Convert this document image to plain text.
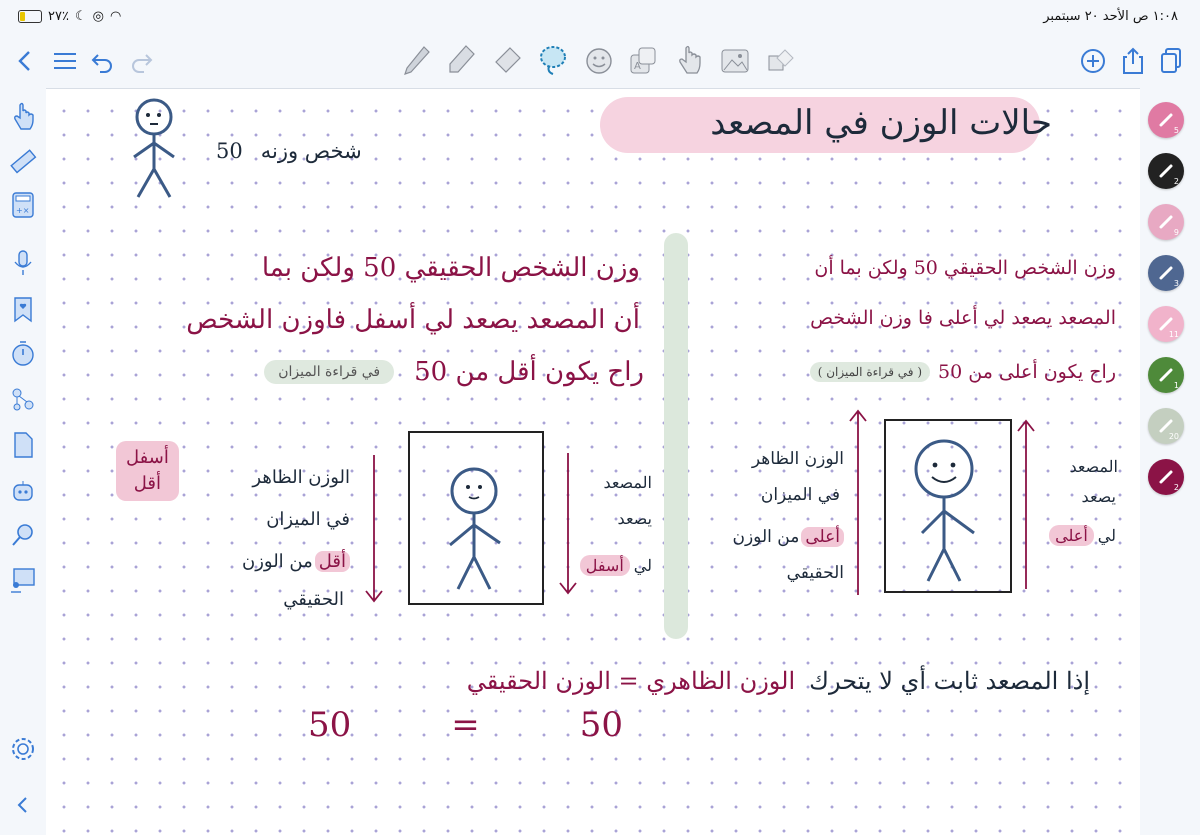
٢٧٪ ☾ ◎ ◠	١:٠٨ ص الأحد ٢٠ سبتمبر
A
+×
حالات الوزن في المصعد
50 شخص وزنه
وزن الشخص الحقيقي 50 ولكن بما أن
المصعد يصعد لي أعلى فا وزن الشخص
راح يكون أعلى من 50
( في قراءة الميزان )
المصعد
يصعد
لي
أعلى
الوزن الظاهر
في الميزان
أعلى
من الوزن
الحقيقي
وزن الشخص الحقيقي 50 ولكن بما
أن المصعد يصعد لي أسفل فاوزن الشخص
راح يكون أقل من 50
في قراءة الميزان
المصعد
يصعد
لي
أسفل
الوزن الظاهر
في الميزان
أقل
من الوزن
الحقيقي
أسفل
أقل
إذا المصعد ثابت أي لا يتحرك
الوزن الظاهري = الوزن الحقيقي
50	=	50
5
2
9
3
11
1
20
2
